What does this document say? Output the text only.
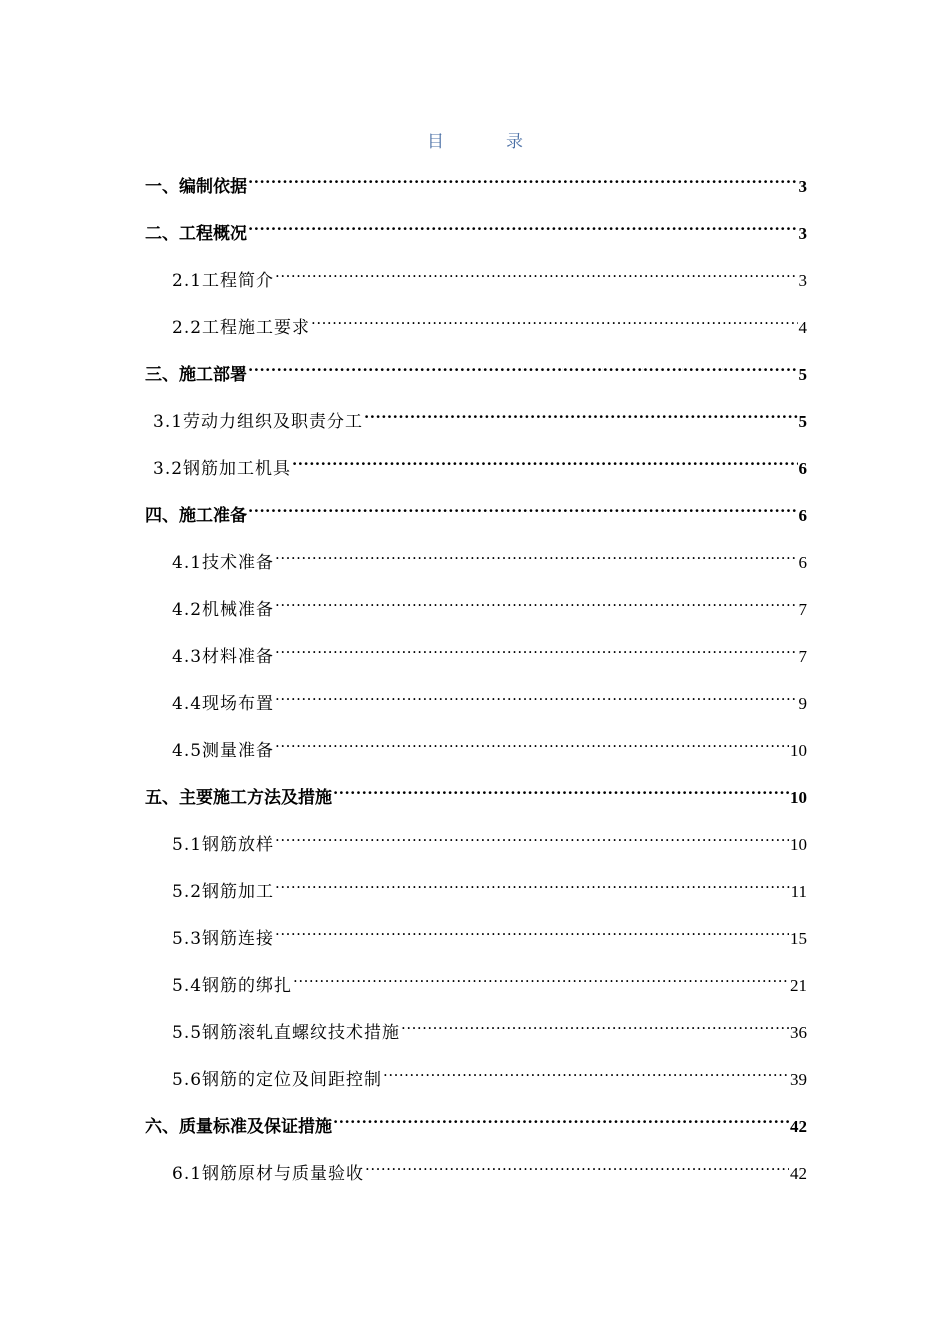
目	录
一、编制依据 .....	3
二、工程概况 .....	3
2.1工程简介 .....	3
2.2工程施工要求 .....	4
三、施工部署 .....	5
3.1劳动力组织及职责分工 .....	5
3.2钢筋加工机具 .....	6
四、施工准备 .....	6
4.1技术准备 .....	6
4.2机械准备 .....	7
4.3材料准备 .....	7
4.4现场布置 .....	9
4.5测量准备 .....	10
五、主要施工方法及措施 .....	10
5.1钢筋放样 .....	10
5.2钢筋加工 .....	11
5.3钢筋连接 .....	15
5.4钢筋的绑扎 .....	21
5.5钢筋滚轧直螺纹技术措施 .....	36
5.6钢筋的定位及间距控制 .....	39
六、质量标准及保证措施 .....	42
6.1钢筋原材与质量验收 .....	42
